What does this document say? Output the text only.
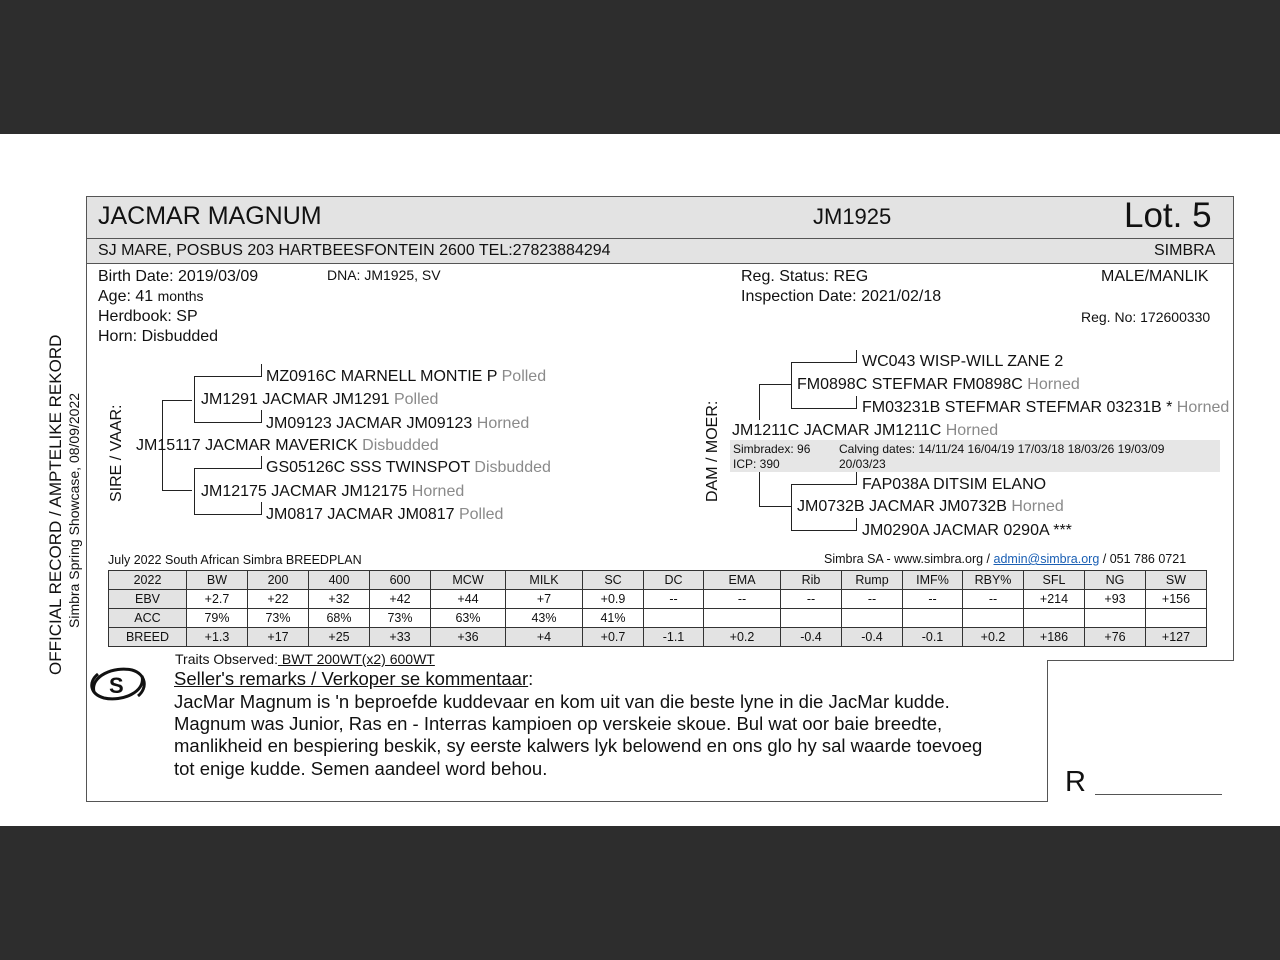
JACMAR MAGNUM	JM1925	Lot. 5
SJ MARE, POSBUS 203 HARTBEESFONTEIN 2600 TEL:27823884294	SIMBRA
Birth Date: 2019/03/09	DNA: JM1925, SV
Age: 41 months
Herdbook: SP
Horn: Disbudded
Reg. Status: REG
Inspection Date: 2021/02/18
MALE/MANLIK
Reg. No: 172600330
OFFICIAL RECORD / AMPTELIKE REKORD Simbra Spring Showcase, 08/09/2022 SIRE / VAAR:	DAM / MOER:
MZ0916C MARNELL MONTIE P Polled
JM1291 JACMAR JM1291 Polled
JM09123 JACMAR JM09123 Horned
JM15117 JACMAR MAVERICK Disbudded
GS05126C SSS TWINSPOT Disbudded
JM12175 JACMAR JM12175 Horned
JM0817 JACMAR JM0817 Polled
WC043 WISP-WILL ZANE 2
FM0898C STEFMAR FM0898C Horned
FM03231B STEFMAR STEFMAR 03231B * Horned
JM1211C JACMAR JM1211C Horned
Simbradex: 96
ICP: 390
Calving dates: 14/11/24 16/04/19 17/03/18 18/03/26 19/03/09
20/03/23
FAP038A DITSIM ELANO
JM0732B JACMAR JM0732B Horned
JM0290A JACMAR 0290A ***
July 2022 South African Simbra BREEDPLAN	Simbra SA - www.simbra.org / admin@simbra.org / 051 786 0721
2022	BW	200	400	600	MCW	MILK	SC	DC	EMA	Rib	Rump	IMF%	RBY%	SFL	NG	SW
EBV	+2.7	+22	+32	+42	+44	+7	+0.9	--	--	--	--	--	--	+214	+93	+156
ACC	79%	73%	68%	73%	63%	43%	41%									
BREED	+1.3	+17	+25	+33	+36	+4	+0.7	-1.1	+0.2	-0.4	-0.4	-0.1	+0.2	+186	+76	+127
S
Traits Observed: BWT 200WT(x2) 600WT
Seller's remarks / Verkoper se kommentaar:
JacMar Magnum is 'n beproefde kuddevaar en kom uit van die beste lyne in die JacMar kudde.
Magnum was Junior, Ras en - Interras kampioen op verskeie skoue. Bul wat oor baie breedte,
manlikheid en bespiering beskik, sy eerste kalwers lyk belowend en ons glo hy sal waarde toevoeg
tot enige kudde. Semen aandeel word behou.	R
